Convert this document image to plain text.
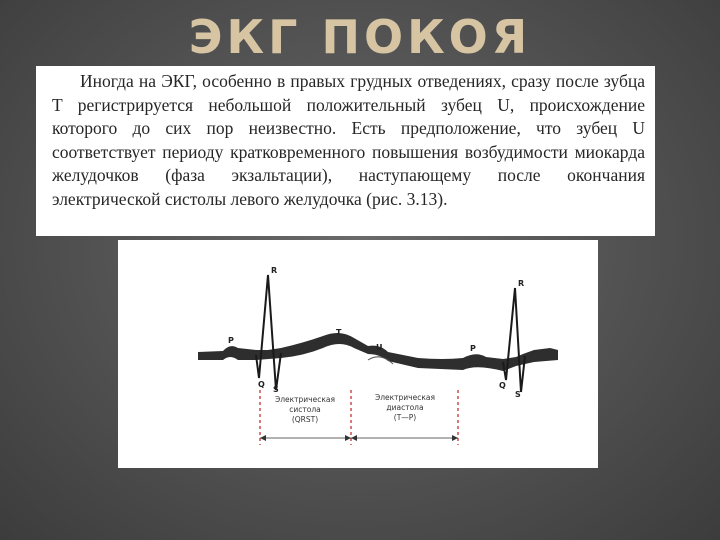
ЭКГ ПОКОЯ

Иногда на ЭКГ, особенно в правых грудных отведениях, сразу после зубца T регистрируется небольшой положительный зубец U, происхождение которого до сих пор неизвестно. Есть предположение, что зубец U соответствует периоду кратковременного повышения возбудимости миокарда желудочков (фаза экзальтации), наступающему после окончания электрической систолы левого желудочка (рис. 3.13).

P
Q
R
S
T
U	P
R
Q
S
Электрическая
систола
(QRST)
Электрическая
диастола
(T—P)
